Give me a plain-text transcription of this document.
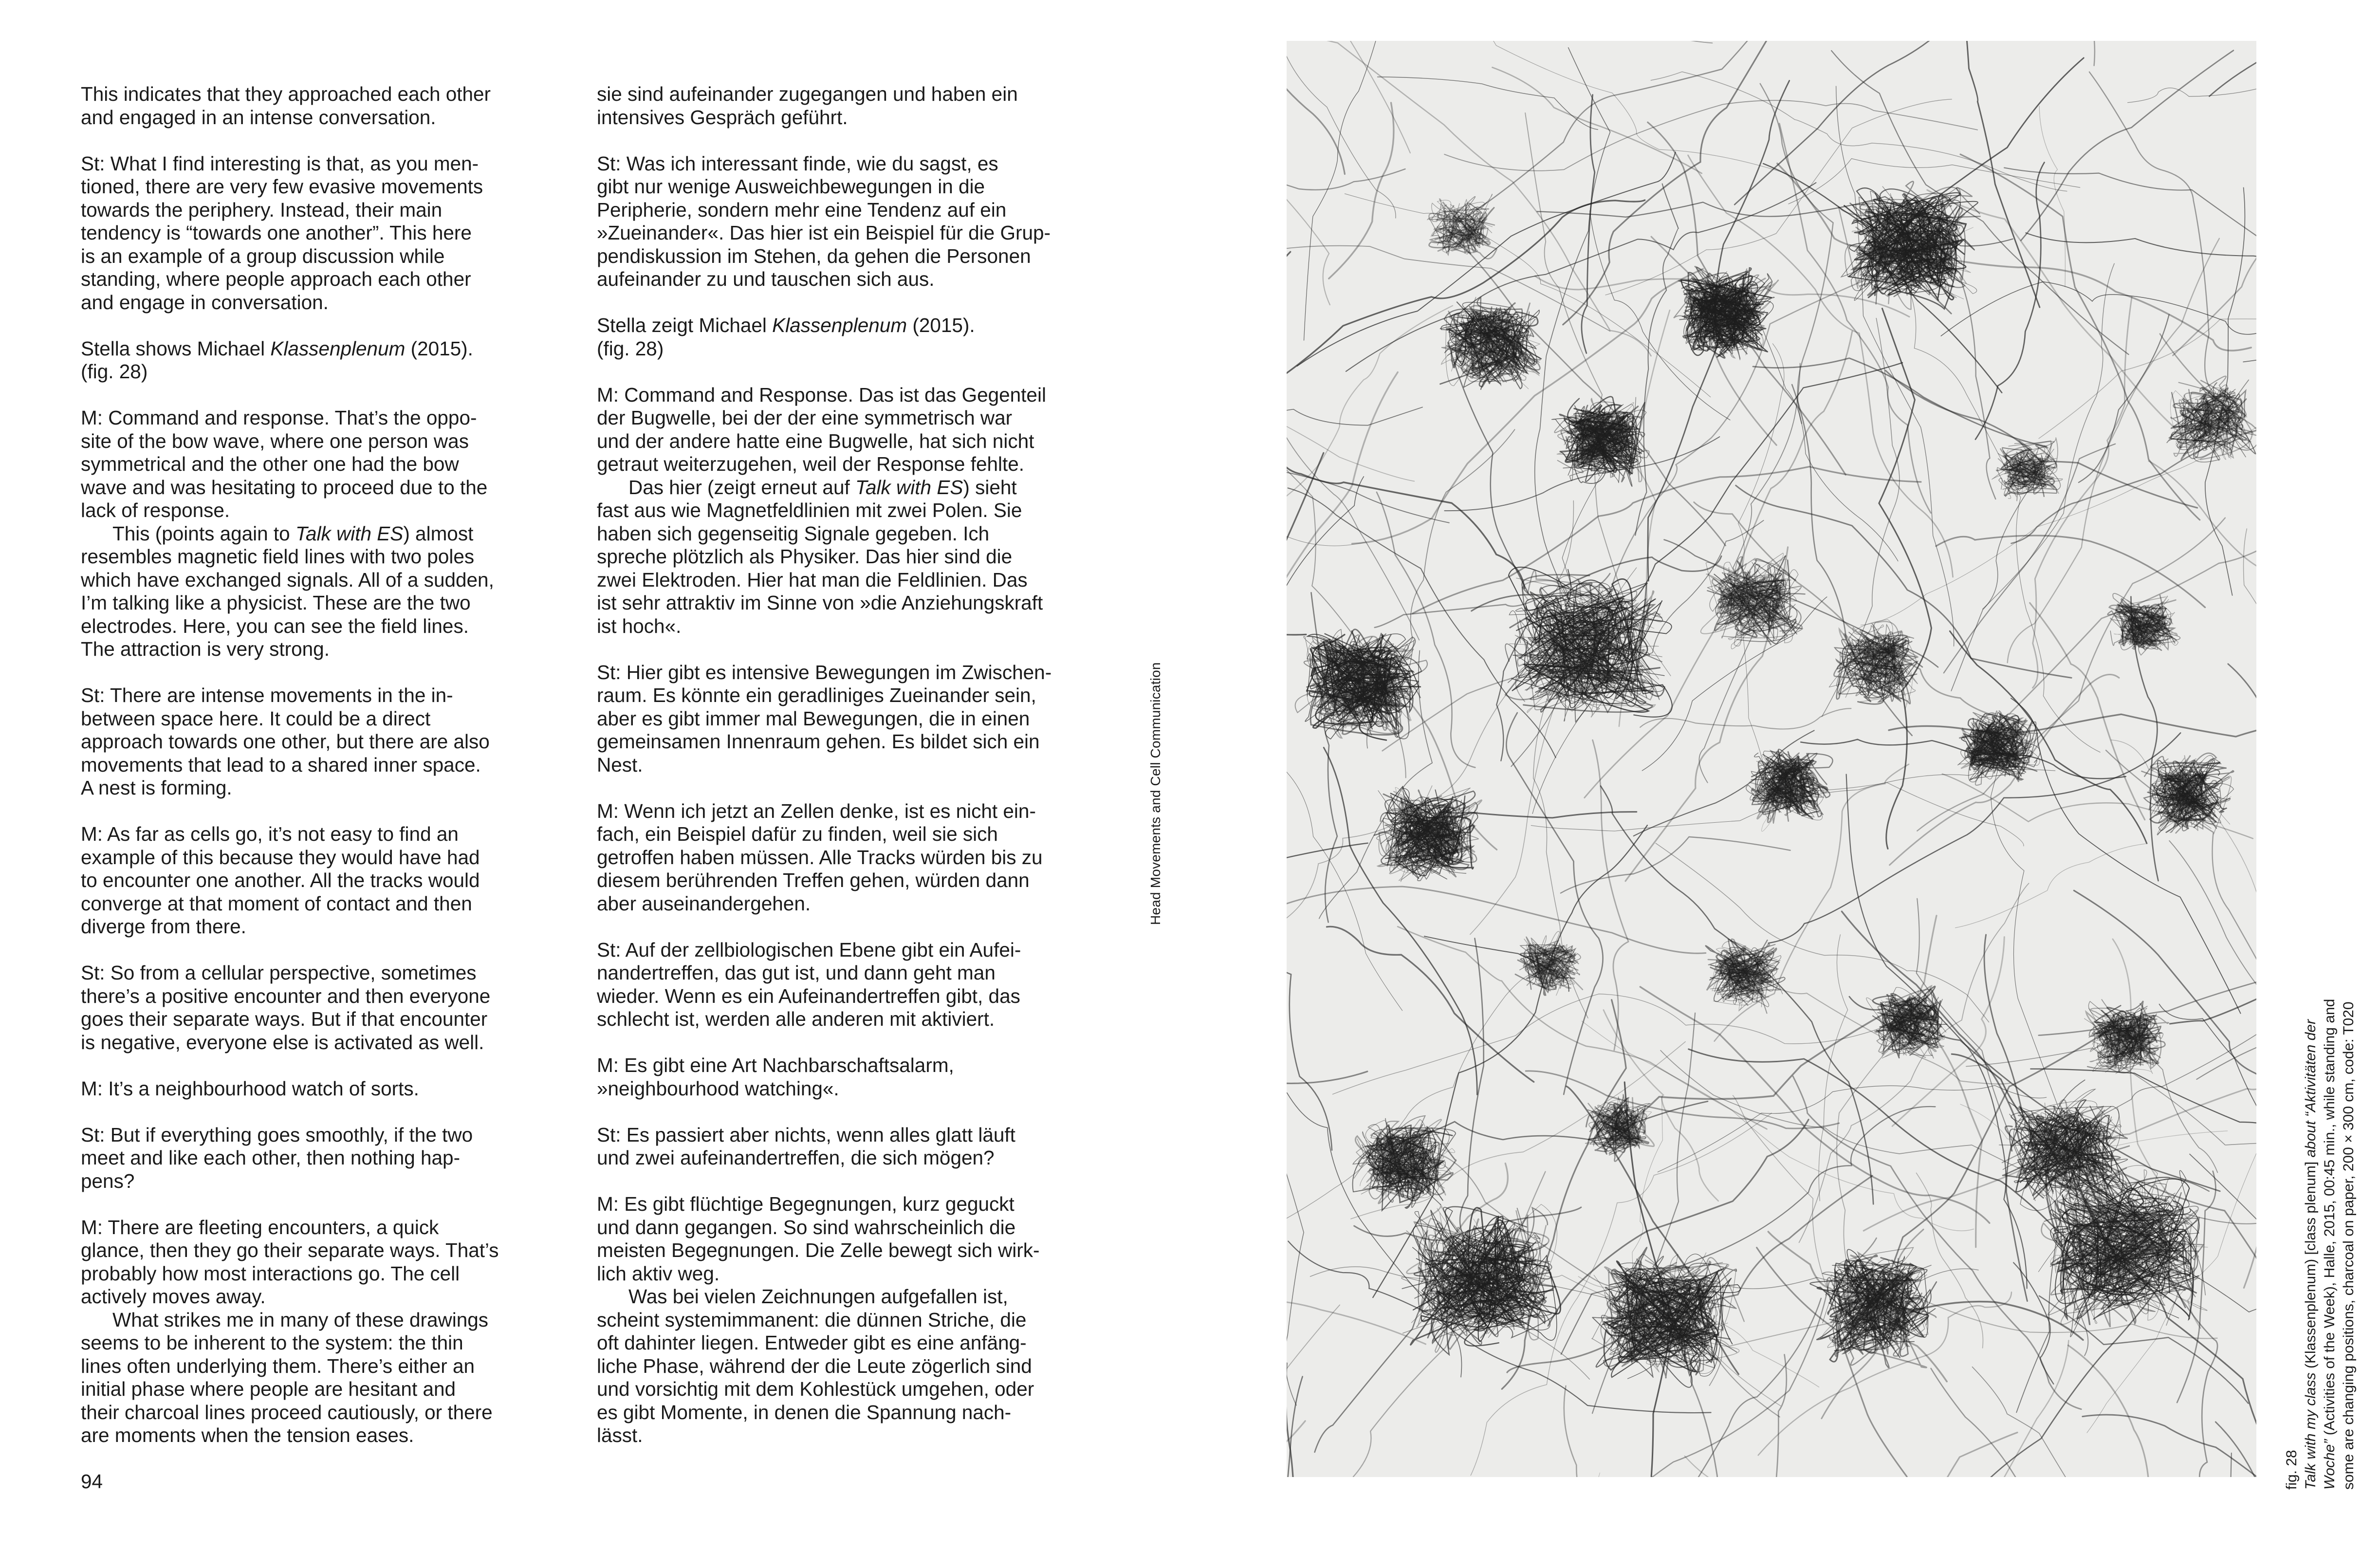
This indicates that they approached each other
and engaged in an intense conversation.

St: What I find interesting is that, as you men-
tioned, there are very few evasive movements
towards the periphery. Instead, their main
tendency is “towards one another”. This here
is an example of a group discussion while
standing, where people approach each other
and engage in conversation.

Stella shows Michael Klassenplenum (2015).
(fig. 28)

M: Command and response. That’s the oppo-
site of the bow wave, where one person was
symmetrical and the other one had the bow
wave and was hesitating to proceed due to the
lack of response.

This (points again to Talk with ES) almost
resembles magnetic field lines with two poles
which have exchanged signals. All of a sudden,
I’m talking like a physicist. These are the two
electrodes. Here, you can see the field lines.
The attraction is very strong.

St: There are intense movements in the in-
between space here. It could be a direct
approach towards one other, but there are also
movements that lead to a shared inner space.
A nest is forming.

M: As far as cells go, it’s not easy to find an
example of this because they would have had
to encounter one another. All the tracks would
converge at that moment of contact and then
diverge from there.

St: So from a cellular perspective, sometimes
there’s a positive encounter and then everyone
goes their separate ways. But if that encounter
is negative, everyone else is activated as well.

M: It’s a neighbourhood watch of sorts.

St: But if everything goes smoothly, if the two
meet and like each other, then nothing hap-
pens?

M: There are fleeting encounters, a quick
glance, then they go their separate ways. That’s
probably how most interactions go. The cell
actively moves away.

What strikes me in many of these drawings
seems to be inherent to the system: the thin
lines often underlying them. There’s either an
initial phase where people are hesitant and
their charcoal lines proceed cautiously, or there
are moments when the tension eases.

sie sind aufeinander zugegangen und haben ein
intensives Gespräch geführt.

St: Was ich interessant finde, wie du sagst, es
gibt nur wenige Ausweichbewegungen in die
Peripherie, sondern mehr eine Tendenz auf ein
»Zueinander«. Das hier ist ein Beispiel für die Grup-
pendiskussion im Stehen, da gehen die Personen
aufeinander zu und tauschen sich aus.

Stella zeigt Michael Klassenplenum (2015).
(fig. 28)

M: Command and Response. Das ist das Gegenteil
der Bugwelle, bei der der eine symmetrisch war
und der andere hatte eine Bugwelle, hat sich nicht
getraut weiterzugehen, weil der Response fehlte.

Das hier (zeigt erneut auf Talk with ES) sieht
fast aus wie Magnetfeldlinien mit zwei Polen. Sie
haben sich gegenseitig Signale gegeben. Ich
spreche plötzlich als Physiker. Das hier sind die
zwei Elektroden. Hier hat man die Feldlinien. Das
ist sehr attraktiv im Sinne von »die Anziehungskraft
ist hoch«.

St: Hier gibt es intensive Bewegungen im Zwischen-
raum. Es könnte ein geradliniges Zueinander sein,
aber es gibt immer mal Bewegungen, die in einen
gemeinsamen Innenraum gehen. Es bildet sich ein
Nest.

M: Wenn ich jetzt an Zellen denke, ist es nicht ein-
fach, ein Beispiel dafür zu finden, weil sie sich
getroffen haben müssen. Alle Tracks würden bis zu
diesem berührenden Treffen gehen, würden dann
aber auseinandergehen.

St: Auf der zellbiologischen Ebene gibt ein Aufei-
nandertreffen, das gut ist, und dann geht man
wieder. Wenn es ein Aufeinandertreffen gibt, das
schlecht ist, werden alle anderen mit aktiviert.

M: Es gibt eine Art Nachbarschaftsalarm,
»neighbourhood watching«.

St: Es passiert aber nichts, wenn alles glatt läuft
und zwei aufeinandertreffen, die sich mögen?

M: Es gibt flüchtige Begegnungen, kurz geguckt
und dann gegangen. So sind wahrscheinlich die
meisten Begegnungen. Die Zelle bewegt sich wirk-
lich aktiv weg.

Was bei vielen Zeichnungen aufgefallen ist,
scheint systemimmanent: die dünnen Striche, die
oft dahinter liegen. Entweder gibt es eine anfäng-
liche Phase, während der die Leute zögerlich sind
und vorsichtig mit dem Kohlestück umgehen, oder
es gibt Momente, in denen die Spannung nach-
lässt.

94
Head Movements and Cell Communication
fig. 28 Talk with my class (Klassenplenum) [class plenum] about “Aktivitäten der
Woche” (Activities of the Week), Halle, 2015, 00:45 min., while standing and some are changing positions, charcoal on paper, 200 × 300 cm, code: T020
